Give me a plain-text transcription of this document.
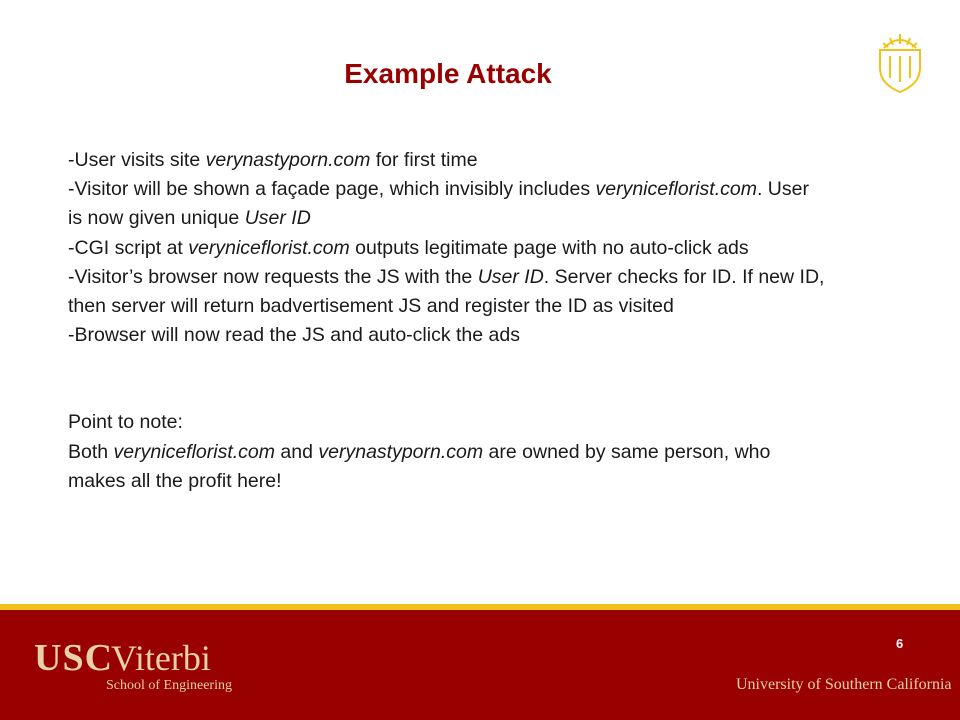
Example Attack

-User visits site verynastyporn.com for first time

-Visitor will be shown a façade page, which invisibly includes veryniceflorist.com. User is now given unique User ID

-CGI script at veryniceflorist.com outputs legitimate page with no auto-click ads

-Visitor’s browser now requests the JS with the User ID. Server checks for ID. If new ID, then server will return badvertisement JS and register the ID as visited

-Browser will now read the JS and auto-click the ads

Point to note:

Both veryniceflorist.com and verynastyporn.com are owned by same person, who makes all the profit here!

USCViterbi
School of Engineering
6
University of Southern California
